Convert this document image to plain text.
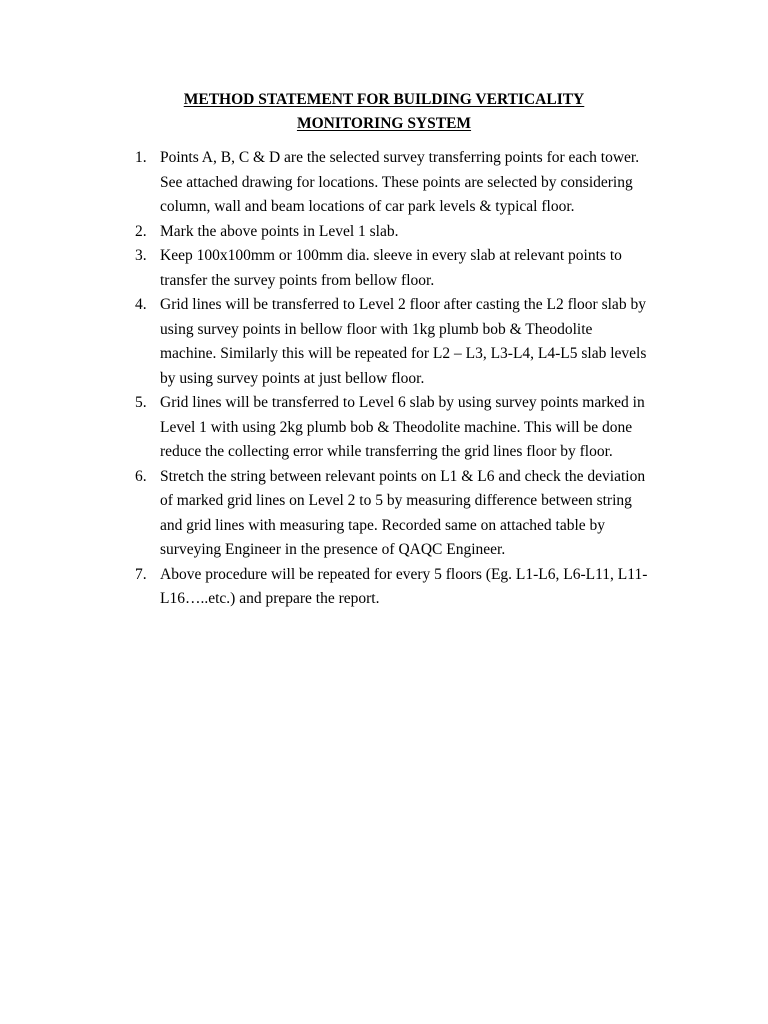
METHOD STATEMENT FOR BUILDING VERTICALITY
MONITORING SYSTEM
1. Points A, B, C & D are the selected survey transferring points for each tower. See attached drawing for locations. These points are selected by considering column, wall and beam locations of car park levels & typical floor.
2. Mark the above points in Level 1 slab.
3. Keep 100x100mm or 100mm dia. sleeve in every slab at relevant points to transfer the survey points from bellow floor.
4. Grid lines will be transferred to Level 2 floor after casting the L2 floor slab by using survey points in bellow floor with 1kg plumb bob & Theodolite machine. Similarly this will be repeated for L2 – L3, L3-L4, L4-L5 slab levels by using survey points at just bellow floor.
5. Grid lines will be transferred to Level 6 slab by using survey points marked in Level 1 with using 2kg plumb bob & Theodolite machine. This will be done reduce the collecting error while transferring the grid lines floor by floor.
6. Stretch the string between relevant points on L1 & L6 and check the deviation of marked grid lines on Level 2 to 5 by measuring difference between string and grid lines with measuring tape. Recorded same on attached table by surveying Engineer in the presence of QAQC Engineer.
7. Above procedure will be repeated for every 5 floors (Eg. L1-L6, L6-L11, L11-L16…..etc.) and prepare the report.
